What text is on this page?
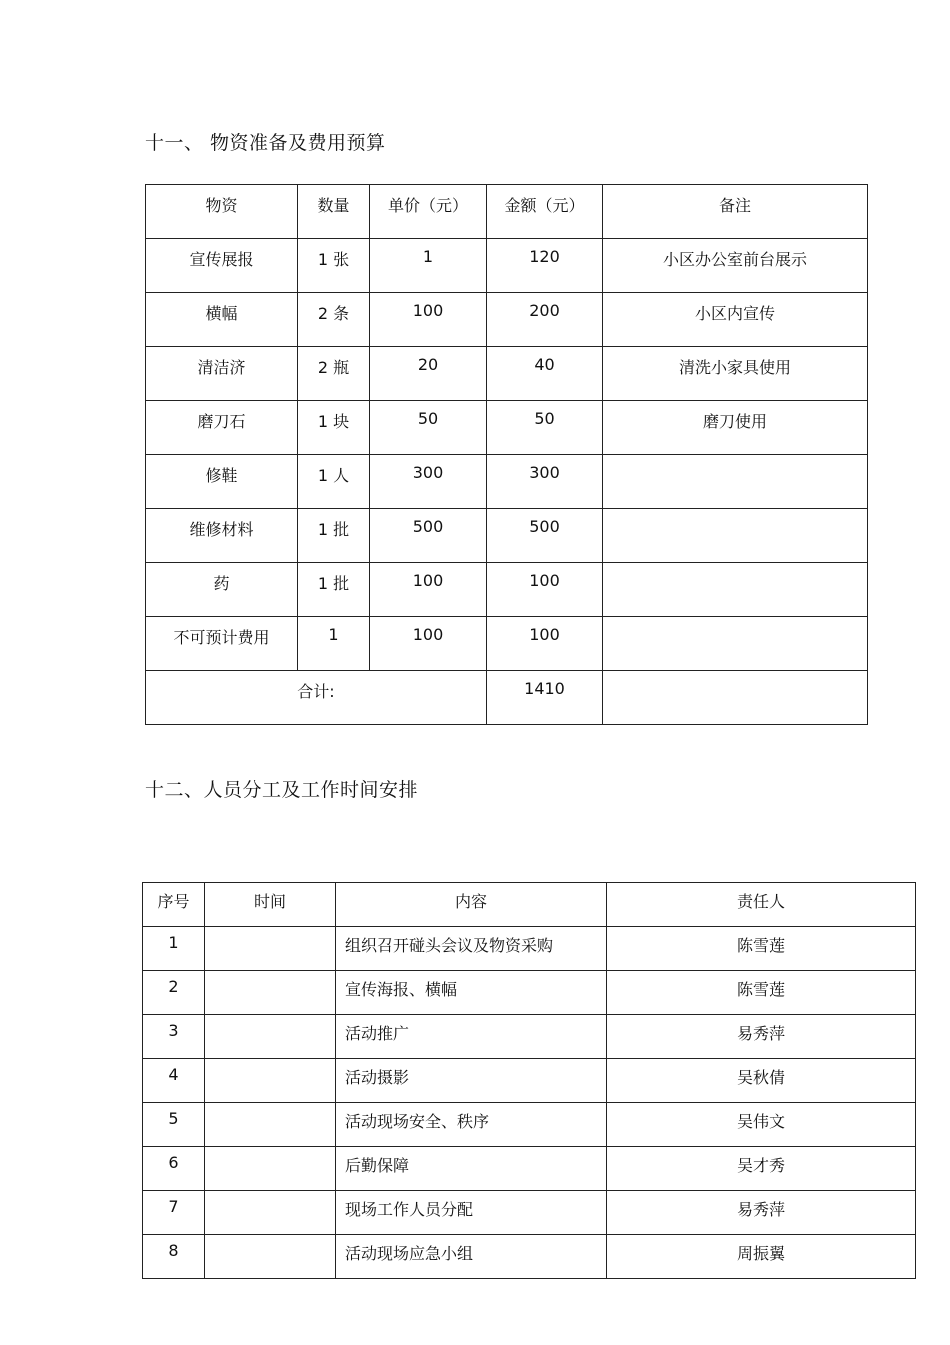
十一、 物资准备及费用预算
物资	数量	单价（元）	金额（元）	备注
宣传展报	1 张	1	120	小区办公室前台展示
横幅	2 条	100	200	小区内宣传
清洁济	2 瓶	20	40	清洗小家具使用
磨刀石	1 块	50	50	磨刀使用
修鞋	1 人	300	300	
维修材料	1 批	500	500	
药	1 批	100	100	
不可预计费用	1	100	100	
合计:			1410	
十二、人员分工及工作时间安排
序号	时间	内容	责任人
1		组织召开碰头会议及物资采购	陈雪莲
2		宣传海报、横幅	陈雪莲
3		活动推广	易秀萍
4		活动摄影	吴秋倩
5		活动现场安全、秩序	吴伟文
6		后勤保障	吴才秀
7		现场工作人员分配	易秀萍
8		活动现场应急小组	周振翼
